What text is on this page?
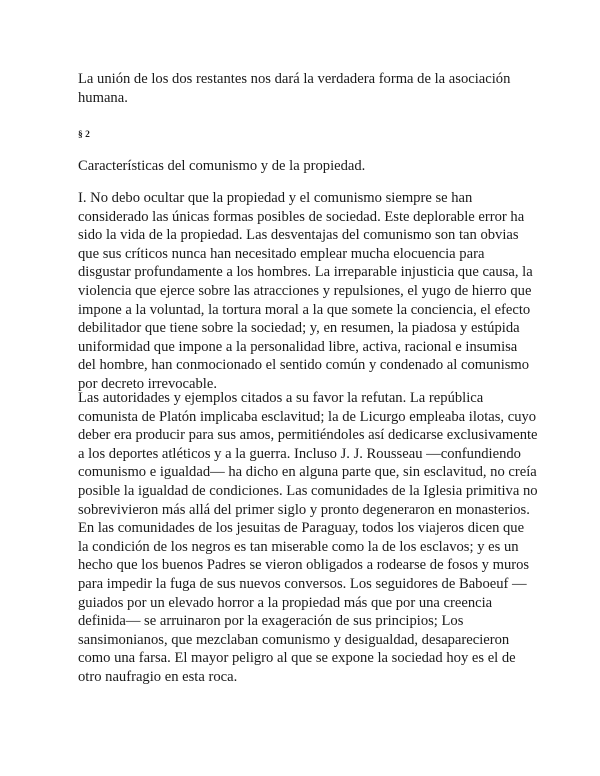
La unión de los dos restantes nos dará la verdadera forma de la asociación humana.

§ 2

Características del comunismo y de la propiedad.

I. No debo ocultar que la propiedad y el comunismo siempre se han considerado las únicas formas posibles de sociedad. Este deplorable error ha sido la vida de la propiedad. Las desventajas del comunismo son tan obvias que sus críticos nunca han necesitado emplear mucha elocuencia para disgustar profundamente a los hombres. La irreparable injusticia que causa, la violencia que ejerce sobre las atracciones y repulsiones, el yugo de hierro que impone a la voluntad, la tortura moral a la que somete la conciencia, el efecto debilitador que tiene sobre la sociedad; y, en resumen, la piadosa y estúpida uniformidad que impone a la personalidad libre, activa, racional e insumisa del hombre, han conmocionado el sentido común y condenado al comunismo por decreto irrevocable.

Las autoridades y ejemplos citados a su favor la refutan. La república comunista de Platón implicaba esclavitud; la de Licurgo empleaba ilotas, cuyo deber era producir para sus amos, permitiéndoles así dedicarse exclusivamente a los deportes atléticos y a la guerra. Incluso J. J. Rousseau —confundiendo comunismo e igualdad— ha dicho en alguna parte que, sin esclavitud, no creía posible la igualdad de condiciones. Las comunidades de la Iglesia primitiva no sobrevivieron más allá del primer siglo y pronto degeneraron en monasterios. En las comunidades de los jesuitas de Paraguay, todos los viajeros dicen que la condición de los negros es tan miserable como la de los esclavos; y es un hecho que los buenos Padres se vieron obligados a rodearse de fosos y muros para impedir la fuga de sus nuevos conversos. Los seguidores de Baboeuf —guiados por un elevado horror a la propiedad más que por una creencia definida— se arruinaron por la exageración de sus principios; Los sansimonianos, que mezclaban comunismo y desigualdad, desaparecieron como una farsa. El mayor peligro al que se expone la sociedad hoy es el de otro naufragio en esta roca.
